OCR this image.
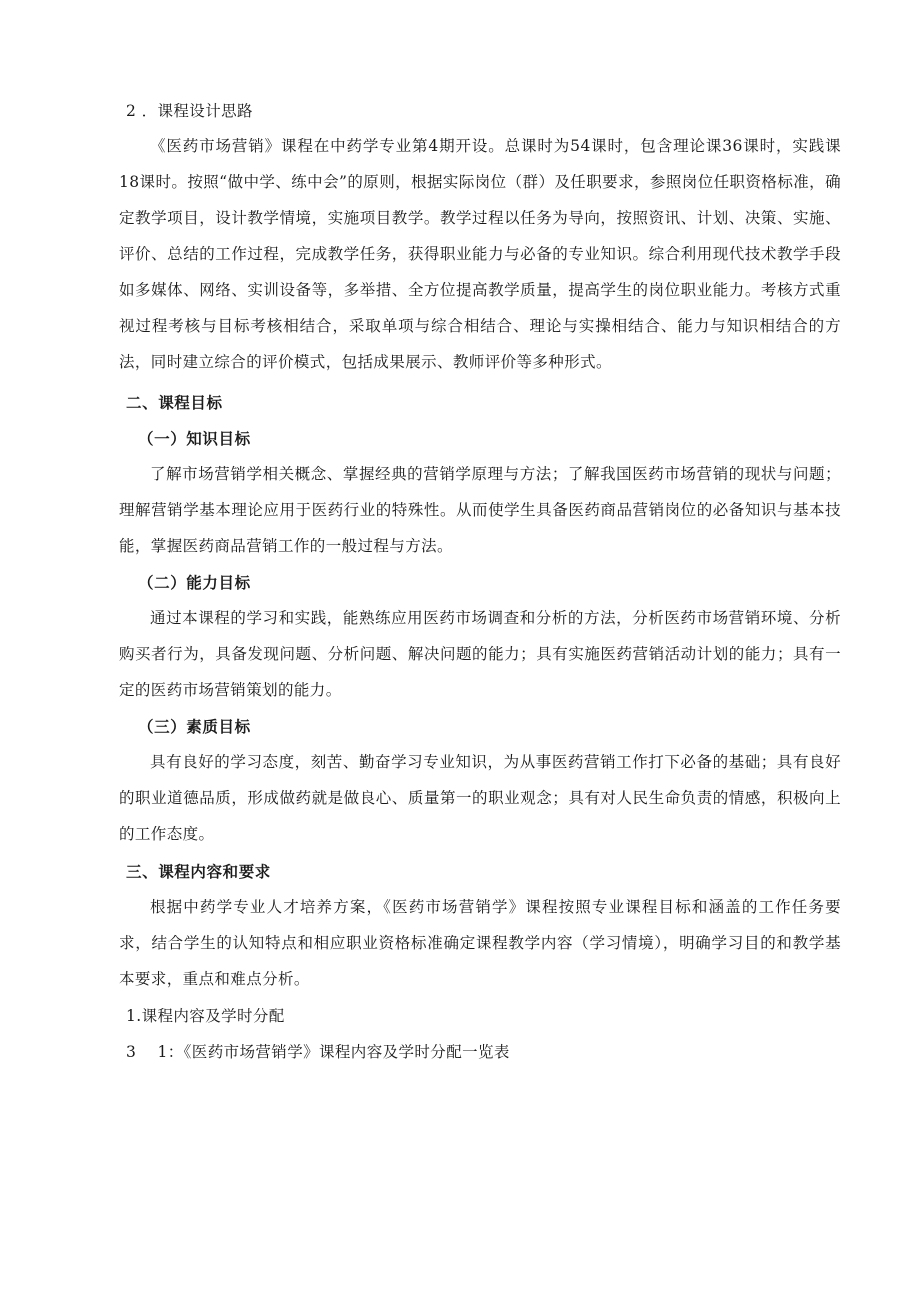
2 ．课程设计思路
《医药市场营销》课程在中药学专业第4期开设。总课时为54课时，包含理论课36课时，实践课18课时。按照“做中学、练中会”的原则，根据实际岗位（群）及任职要求，参照岗位任职资格标准，确定教学项目，设计教学情境，实施项目教学。教学过程以任务为导向，按照资讯、计划、决策、实施、评价、总结的工作过程，完成教学任务，获得职业能力与必备的专业知识。综合利用现代技术教学手段如多媒体、网络、实训设备等，多举措、全方位提高教学质量，提高学生的岗位职业能力。考核方式重视过程考核与目标考核相结合，采取单项与综合相结合、理论与实操相结合、能力与知识相结合的方法，同时建立综合的评价模式，包括成果展示、教师评价等多种形式。
二、课程目标
（一）知识目标
了解市场营销学相关概念、掌握经典的营销学原理与方法；了解我国医药市场营销的现状与问题；理解营销学基本理论应用于医药行业的特殊性。从而使学生具备医药商品营销岗位的必备知识与基本技能，掌握医药商品营销工作的一般过程与方法。
（二）能力目标
通过本课程的学习和实践，能熟练应用医药市场调查和分析的方法，分析医药市场营销环境、分析购买者行为，具备发现问题、分析问题、解决问题的能力；具有实施医药营销活动计划的能力；具有一定的医药市场营销策划的能力。
（三）素质目标
具有良好的学习态度，刻苦、勤奋学习专业知识，为从事医药营销工作打下必备的基础；具有良好的职业道德品质，形成做药就是做良心、质量第一的职业观念；具有对人民生命负责的情感，积极向上的工作态度。
三、课程内容和要求
根据中药学专业人才培养方案，《医药市场营销学》课程按照专业课程目标和涵盖的工作任务要求，结合学生的认知特点和相应职业资格标准确定课程教学内容（学习情境），明确学习目的和教学基本要求，重点和难点分析。
1.课程内容及学时分配
3　 1：《医药市场营销学》课程内容及学时分配一览表
